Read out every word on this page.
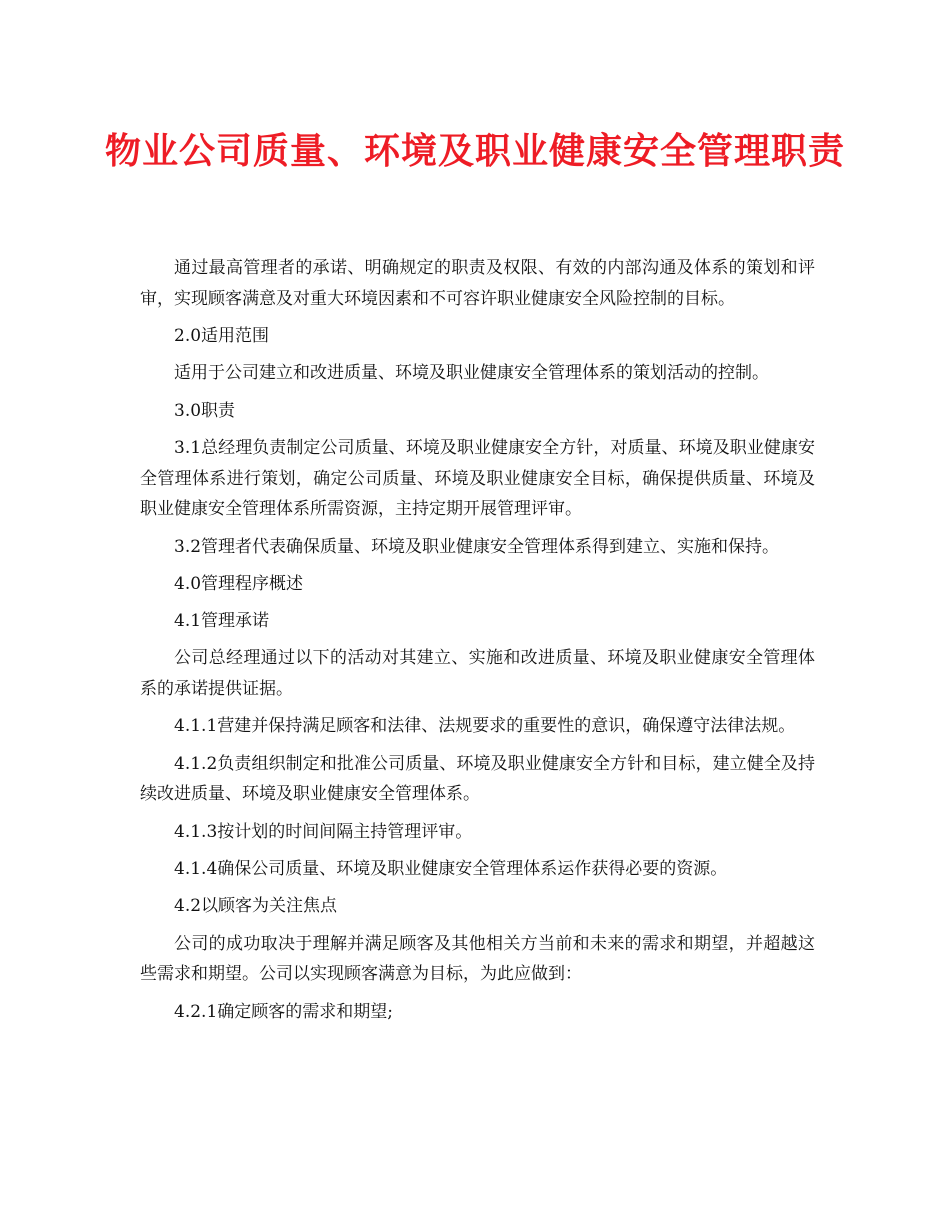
物业公司质量、环境及职业健康安全管理职责

通过最高管理者的承诺、明确规定的职责及权限、有效的内部沟通及体系的策划和评审，实现顾客满意及对重大环境因素和不可容许职业健康安全风险控制的目标。

2.0适用范围

适用于公司建立和改进质量、环境及职业健康安全管理体系的策划活动的控制。

3.0职责

3.1总经理负责制定公司质量、环境及职业健康安全方针，对质量、环境及职业健康安全管理体系进行策划，确定公司质量、环境及职业健康安全目标，确保提供质量、环境及职业健康安全管理体系所需资源，主持定期开展管理评审。

3.2管理者代表确保质量、环境及职业健康安全管理体系得到建立、实施和保持。

4.0管理程序概述

4.1管理承诺

公司总经理通过以下的活动对其建立、实施和改进质量、环境及职业健康安全管理体系的承诺提供证据。

4.1.1营建并保持满足顾客和法律、法规要求的重要性的意识，确保遵守法律法规。

4.1.2负责组织制定和批准公司质量、环境及职业健康安全方针和目标，建立健全及持续改进质量、环境及职业健康安全管理体系。

4.1.3按计划的时间间隔主持管理评审。

4.1.4确保公司质量、环境及职业健康安全管理体系运作获得必要的资源。

4.2以顾客为关注焦点

公司的成功取决于理解并满足顾客及其他相关方当前和未来的需求和期望，并超越这些需求和期望。公司以实现顾客满意为目标，为此应做到：

4.2.1确定顾客的需求和期望;
